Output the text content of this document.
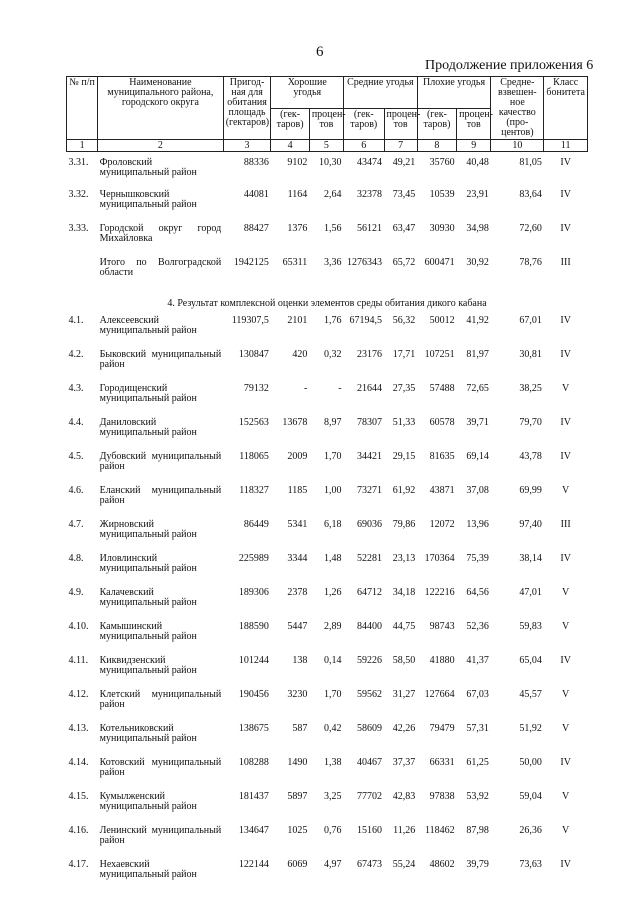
6
Продолжение приложения 6
№ п/п	Наименование муниципального района, городского округа	Пригод-ная для обитания площадь (гектаров)	Хорошие угодья		Средние угодья		Плохие угодья		Средне-взвешен-ное качество (про-центов)	Класс бонитета
			(гек-таров)	процен-тов	(гек-таров)	процен-тов	(гек-таров)	процен-тов		
1	2	3	4	5	6	7	8	9	10	11
3.31.	Фроловский муниципальный район	88336	9102	10,30	43474	49,21	35760	40,48	81,05	IV
3.32.	Чернышковский муниципальный район	44081	1164	2,64	32378	73,45	10539	23,91	83,64	IV
3.33.	Городской округ город Михайловка	88427	1376	1,56	56121	63,47	30930	34,98	72,60	IV
	Итого по Волгоградской области	1942125	65311	3,36	1276343	65,72	600471	30,92	78,76	III
4. Результат комплексной оценки элементов среды обитания дикого кабана										
4.1.	Алексеевский муниципальный район	119307,5	2101	1,76	67194,5	56,32	50012	41,92	67,01	IV
4.2.	Быковский муниципальный район	130847	420	0,32	23176	17,71	107251	81,97	30,81	IV
4.3.	Городищенский муниципальный район	79132	-	-	21644	27,35	57488	72,65	38,25	V
4.4.	Даниловский муниципальный район	152563	13678	8,97	78307	51,33	60578	39,71	79,70	IV
4.5.	Дубовский муниципальный район	118065	2009	1,70	34421	29,15	81635	69,14	43,78	IV
4.6.	Еланский муниципальный район	118327	1185	1,00	73271	61,92	43871	37,08	69,99	V
4.7.	Жирновский муниципальный район	86449	5341	6,18	69036	79,86	12072	13,96	97,40	III
4.8.	Иловлинский муниципальный район	225989	3344	1,48	52281	23,13	170364	75,39	38,14	IV
4.9.	Калачевский муниципальный район	189306	2378	1,26	64712	34,18	122216	64,56	47,01	V
4.10.	Камышинский муниципальный район	188590	5447	2,89	84400	44,75	98743	52,36	59,83	V
4.11.	Киквидзенский муниципальный район	101244	138	0,14	59226	58,50	41880	41,37	65,04	IV
4.12.	Клетский муниципальный район	190456	3230	1,70	59562	31,27	127664	67,03	45,57	V
4.13.	Котельниковский муниципальный район	138675	587	0,42	58609	42,26	79479	57,31	51,92	V
4.14.	Котовский муниципальный район	108288	1490	1,38	40467	37,37	66331	61,25	50,00	IV
4.15.	Кумылженский муниципальный район	181437	5897	3,25	77702	42,83	97838	53,92	59,04	V
4.16.	Ленинский муниципальный район	134647	1025	0,76	15160	11,26	118462	87,98	26,36	V
4.17.	Нехаевский муниципальный район	122144	6069	4,97	67473	55,24	48602	39,79	73,63	IV
